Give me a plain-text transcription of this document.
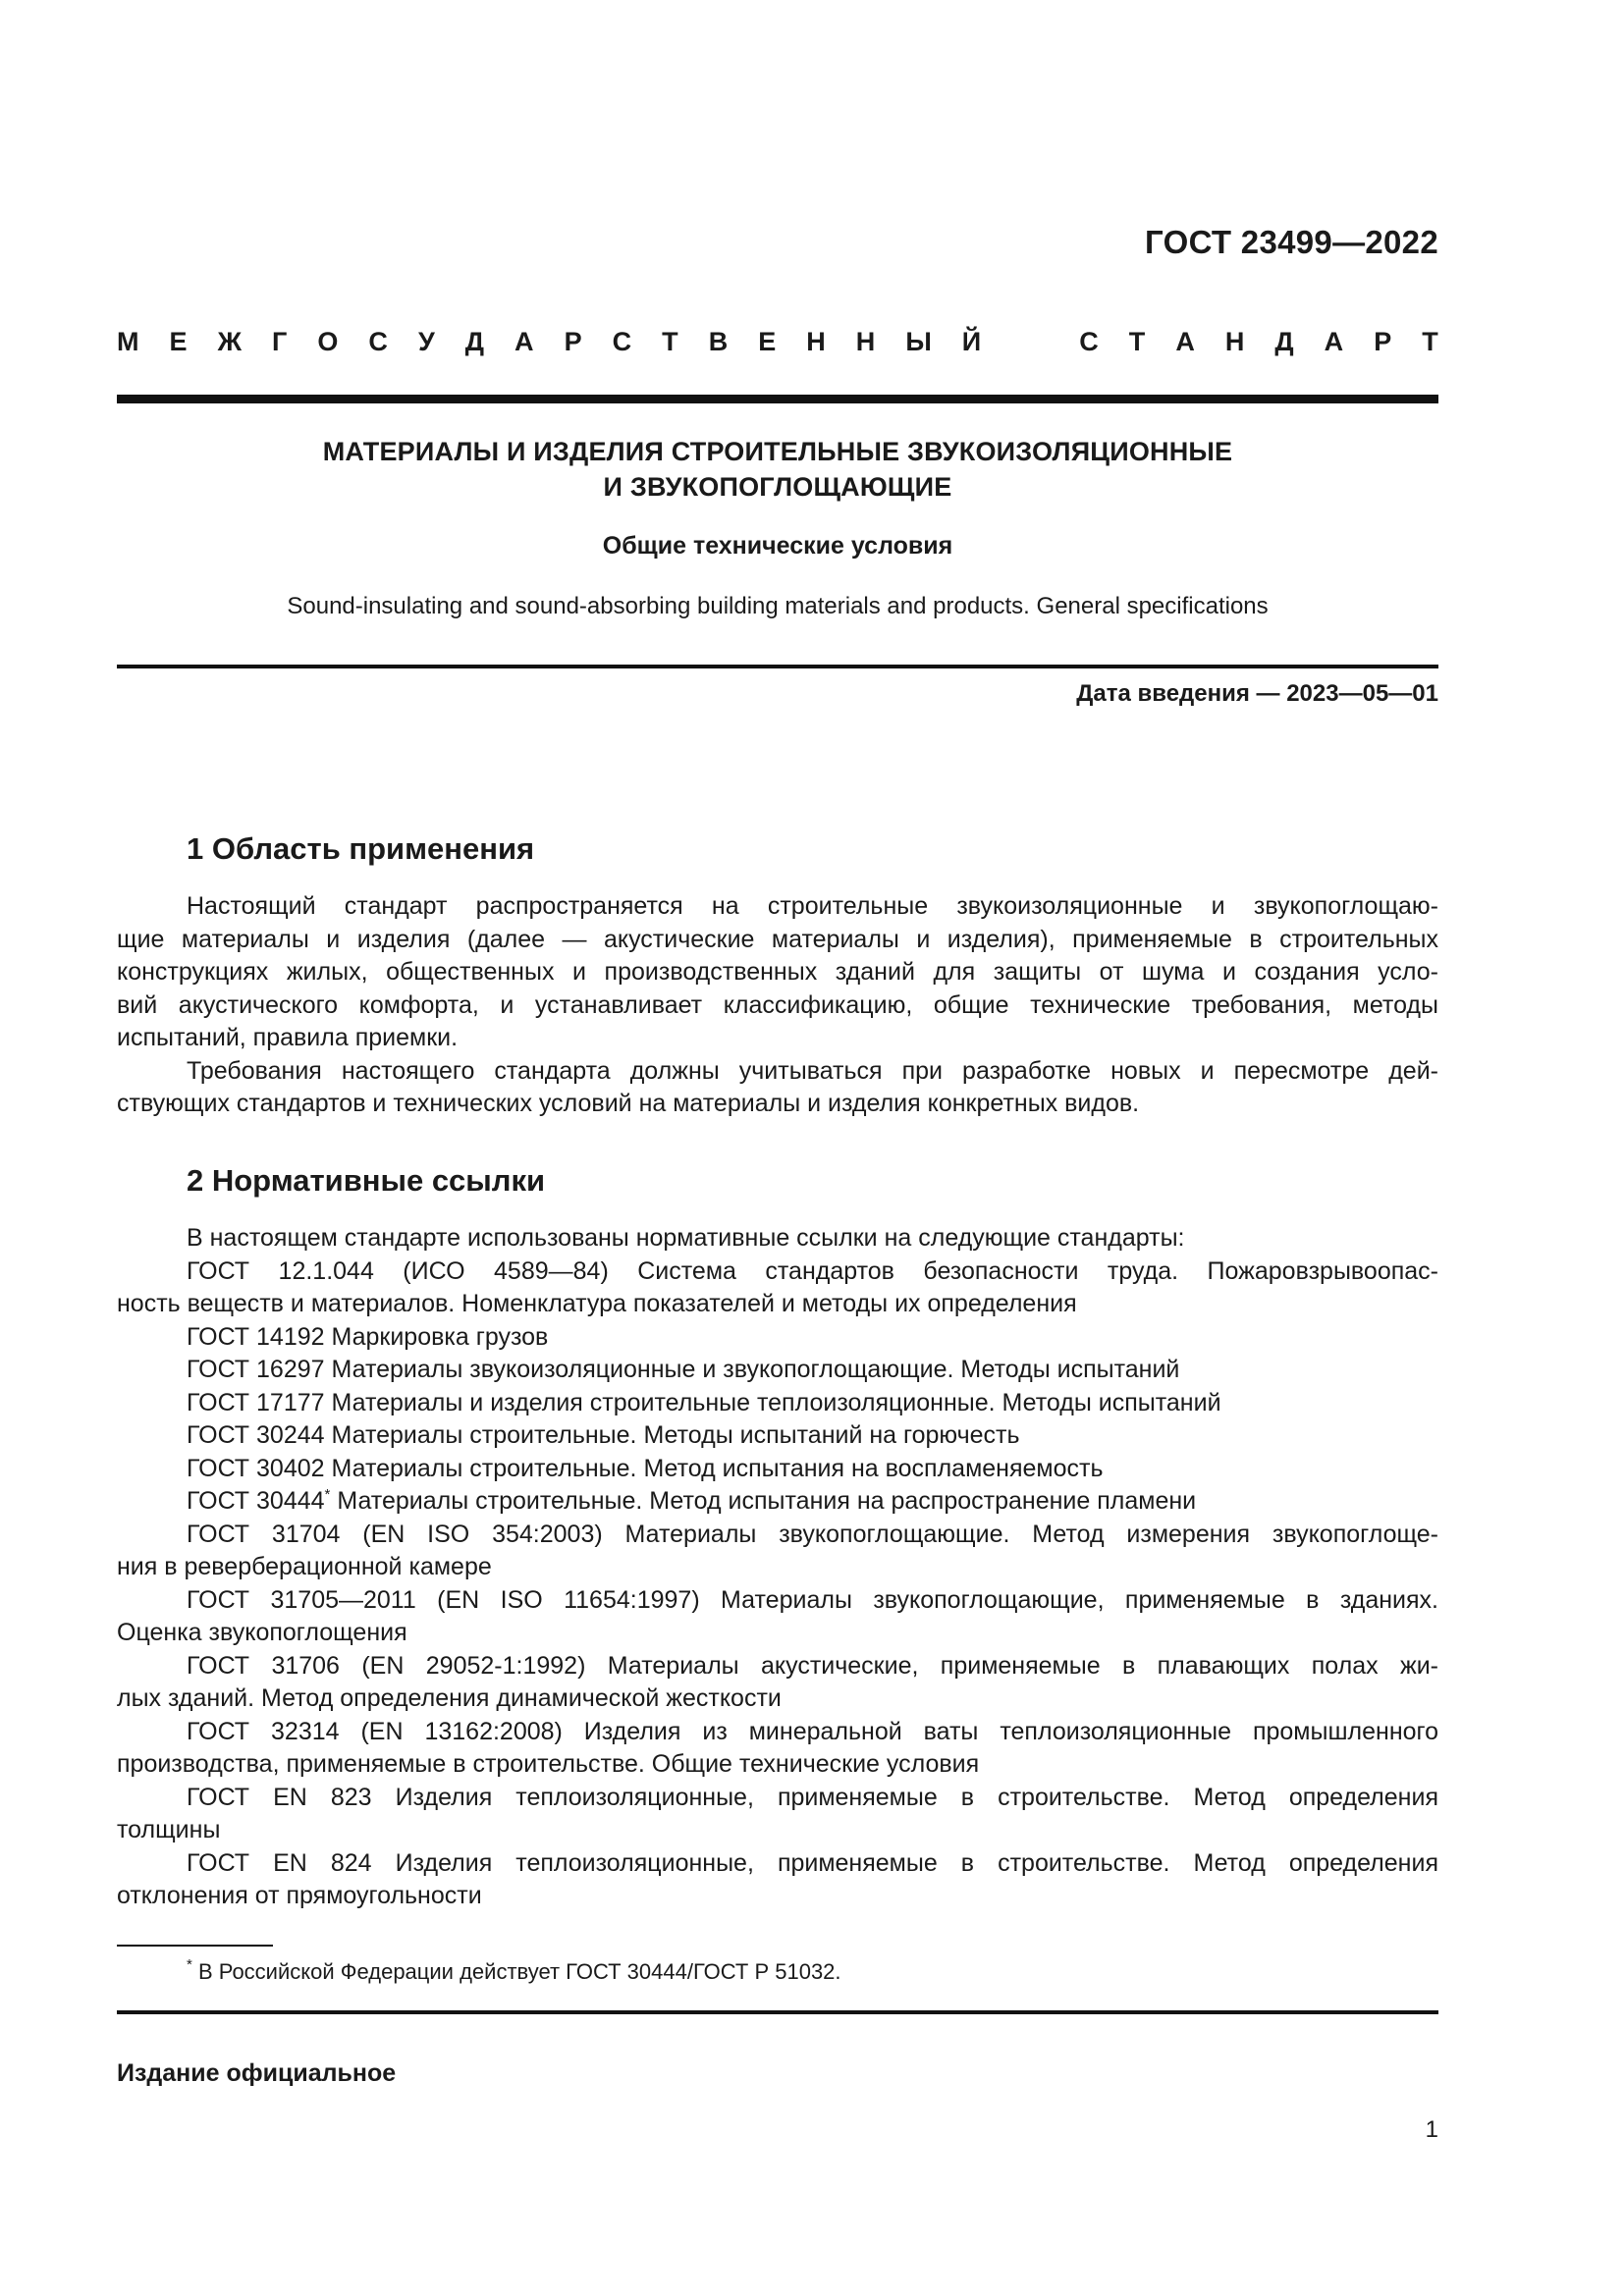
ГОСТ 23499—2022
М Е Ж Г О С У Д А Р С Т В Е Н Н Ы Й	С Т А Н Д А Р Т
МАТЕРИАЛЫ И ИЗДЕЛИЯ СТРОИТЕЛЬНЫЕ ЗВУКОИЗОЛЯЦИОННЫЕ
И ЗВУКОПОГЛОЩАЮЩИЕ
Общие технические условия
Sound-insulating and sound-absorbing building materials and products. General specifications
Дата введения — 2023—05—01
1 Область применения
Настоящий стандарт распространяется на строительные звукоизоляционные и звукопоглощаю-
щие материалы и изделия (далее — акустические материалы и изделия), применяемые в строительных
конструкциях жилых, общественных и производственных зданий для защиты от шума и создания усло-
вий акустического комфорта, и устанавливает классификацию, общие технические требования, методы
испытаний, правила приемки.
Требования настоящего стандарта должны учитываться при разработке новых и пересмотре дей-
ствующих стандартов и технических условий на материалы и изделия конкретных видов.
2 Нормативные ссылки
В настоящем стандарте использованы нормативные ссылки на следующие стандарты:
ГОСТ 12.1.044 (ИСО 4589—84) Система стандартов безопасности труда. Пожаровзрывоопас-
ность веществ и материалов. Номенклатура показателей и методы их определения
ГОСТ 14192 Маркировка грузов
ГОСТ 16297 Материалы звукоизоляционные и звукопоглощающие. Методы испытаний
ГОСТ 17177 Материалы и изделия строительные теплоизоляционные. Методы испытаний
ГОСТ 30244 Материалы строительные. Методы испытаний на горючесть
ГОСТ 30402 Материалы строительные. Метод испытания на воспламеняемость
ГОСТ 30444* Материалы строительные. Метод испытания на распространение пламени
ГОСТ 31704 (EN ISO 354:2003) Материалы звукопоглощающие. Метод измерения звукопоглоще-
ния в реверберационной камере
ГОСТ 31705—2011 (EN ISO 11654:1997) Материалы звукопоглощающие, применяемые в зданиях.
Оценка звукопоглощения
ГОСТ 31706 (EN 29052-1:1992) Материалы акустические, применяемые в плавающих полах жи-
лых зданий. Метод определения динамической жесткости
ГОСТ 32314 (EN 13162:2008) Изделия из минеральной ваты теплоизоляционные промышленного
производства, применяемые в строительстве. Общие технические условия
ГОСТ EN 823 Изделия теплоизоляционные, применяемые в строительстве. Метод определения
толщины
ГОСТ EN 824 Изделия теплоизоляционные, применяемые в строительстве. Метод определения
отклонения от прямоугольности
* В Российской Федерации действует ГОСТ 30444/ГОСТ Р 51032.
Издание официальное
1
